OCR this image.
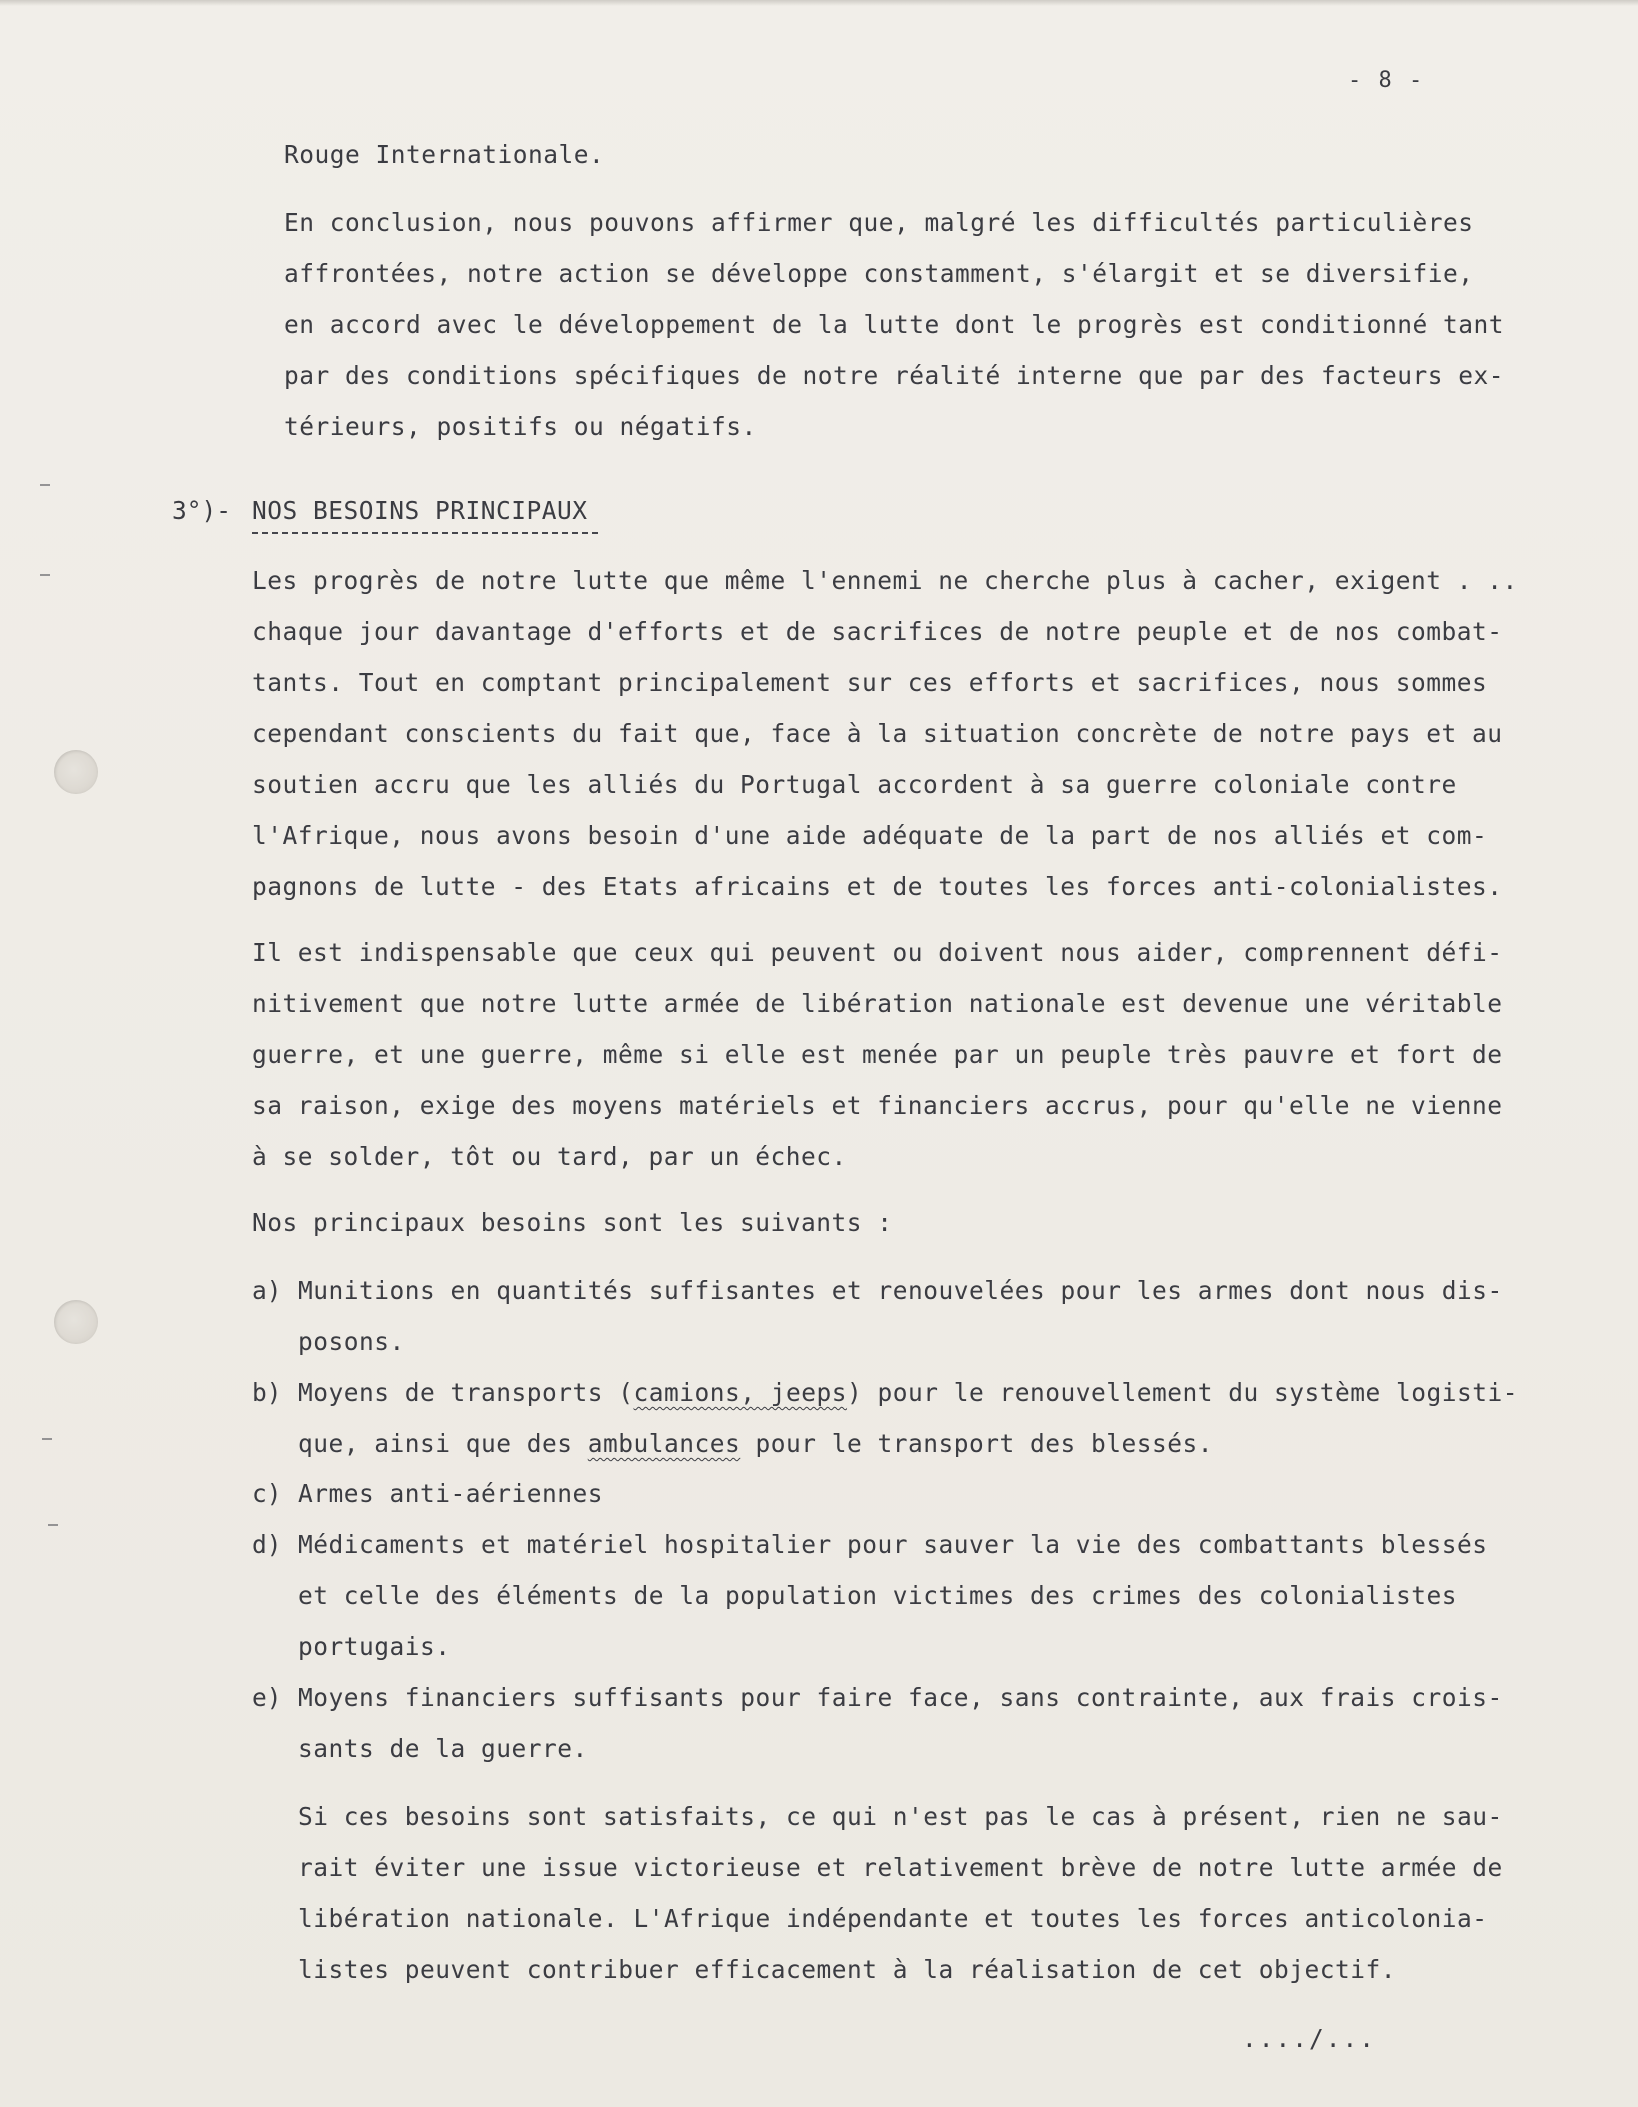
- 8 -
Rouge Internationale.
En conclusion, nous pouvons affirmer que, malgré les difficultés particulières
affrontées, notre action se développe constamment, s'élargit et se diversifie,
en accord avec le développement de la lutte dont le progrès est conditionné tant
par des conditions spécifiques de notre réalité interne que par des facteurs ex-
térieurs, positifs ou négatifs.
3°)- NOS BESOINS PRINCIPAUX
Les progrès de notre lutte que même l'ennemi ne cherche plus à cacher, exigent . ..
chaque jour davantage d'efforts et de sacrifices de notre peuple et de nos combat-
tants. Tout en comptant principalement sur ces efforts et sacrifices, nous sommes
cependant conscients du fait que, face à la situation concrète de notre pays et au
soutien accru que les alliés du Portugal accordent à sa guerre coloniale contre
l'Afrique, nous avons besoin d'une aide adéquate de la part de nos alliés et com-
pagnons de lutte - des Etats africains et de toutes les forces anti-colonialistes.
Il est indispensable que ceux qui peuvent ou doivent nous aider, comprennent défi-
nitivement que notre lutte armée de libération nationale est devenue une véritable
guerre, et une guerre, même si elle est menée par un peuple très pauvre et fort de
sa raison, exige des moyens matériels et financiers accrus, pour qu'elle ne vienne
à se solder, tôt ou tard, par un échec.
Nos principaux besoins sont les suivants :
a) Munitions en quantités suffisantes et renouvelées pour les armes dont nous dis-
posons.
b) Moyens de transports (camions, jeeps) pour le renouvellement du système logisti-
que, ainsi que des ambulances pour le transport des blessés.
c) Armes anti-aériennes
d) Médicaments et matériel hospitalier pour sauver la vie des combattants blessés
et celle des éléments de la population victimes des crimes des colonialistes
portugais.
e) Moyens financiers suffisants pour faire face, sans contrainte, aux frais crois-
sants de la guerre.
Si ces besoins sont satisfaits, ce qui n'est pas le cas à présent, rien ne sau-
rait éviter une issue victorieuse et relativement brève de notre lutte armée de
libération nationale. L'Afrique indépendante et toutes les forces anticolonia-
listes peuvent contribuer efficacement à la réalisation de cet objectif.
..../...
